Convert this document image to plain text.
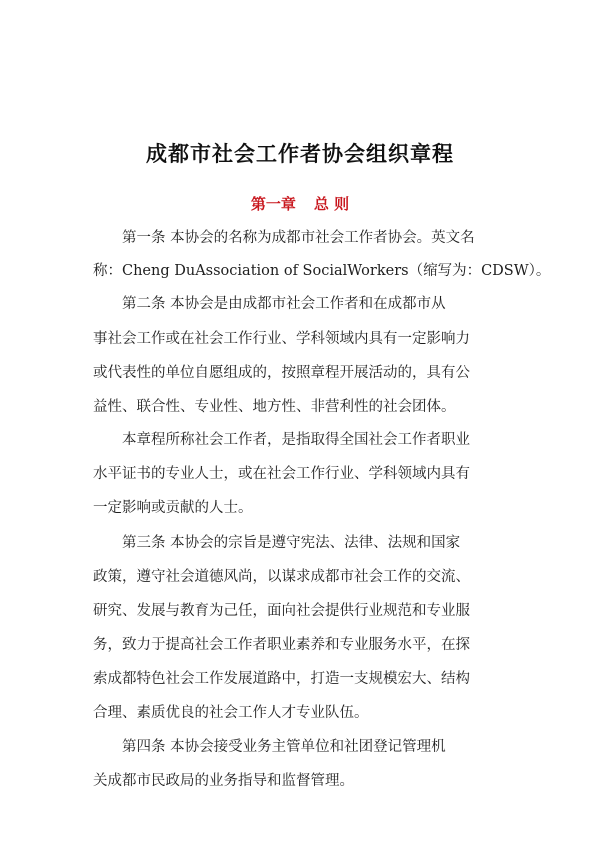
成都市社会工作者协会组织章程
第一章 总 则

第一条 本协会的名称为成都市社会工作者协会。英文名

称：Cheng DuAssociation of SocialWorkers（缩写为：CDSW）。

第二条 本协会是由成都市社会工作者和在成都市从

事社会工作或在社会工作行业、学科领域内具有一定影响力

或代表性的单位自愿组成的，按照章程开展活动的，具有公

益性、联合性、专业性、地方性、非营利性的社会团体。

本章程所称社会工作者，是指取得全国社会工作者职业

水平证书的专业人士，或在社会工作行业、学科领域内具有

一定影响或贡献的人士。

第三条 本协会的宗旨是遵守宪法、法律、法规和国家

政策，遵守社会道德风尚，以谋求成都市社会工作的交流、

研究、发展与教育为己任，面向社会提供行业规范和专业服

务，致力于提高社会工作者职业素养和专业服务水平，在探

索成都特色社会工作发展道路中，打造一支规模宏大、结构

合理、素质优良的社会工作人才专业队伍。

第四条 本协会接受业务主管单位和社团登记管理机

关成都市民政局的业务指导和监督管理。
